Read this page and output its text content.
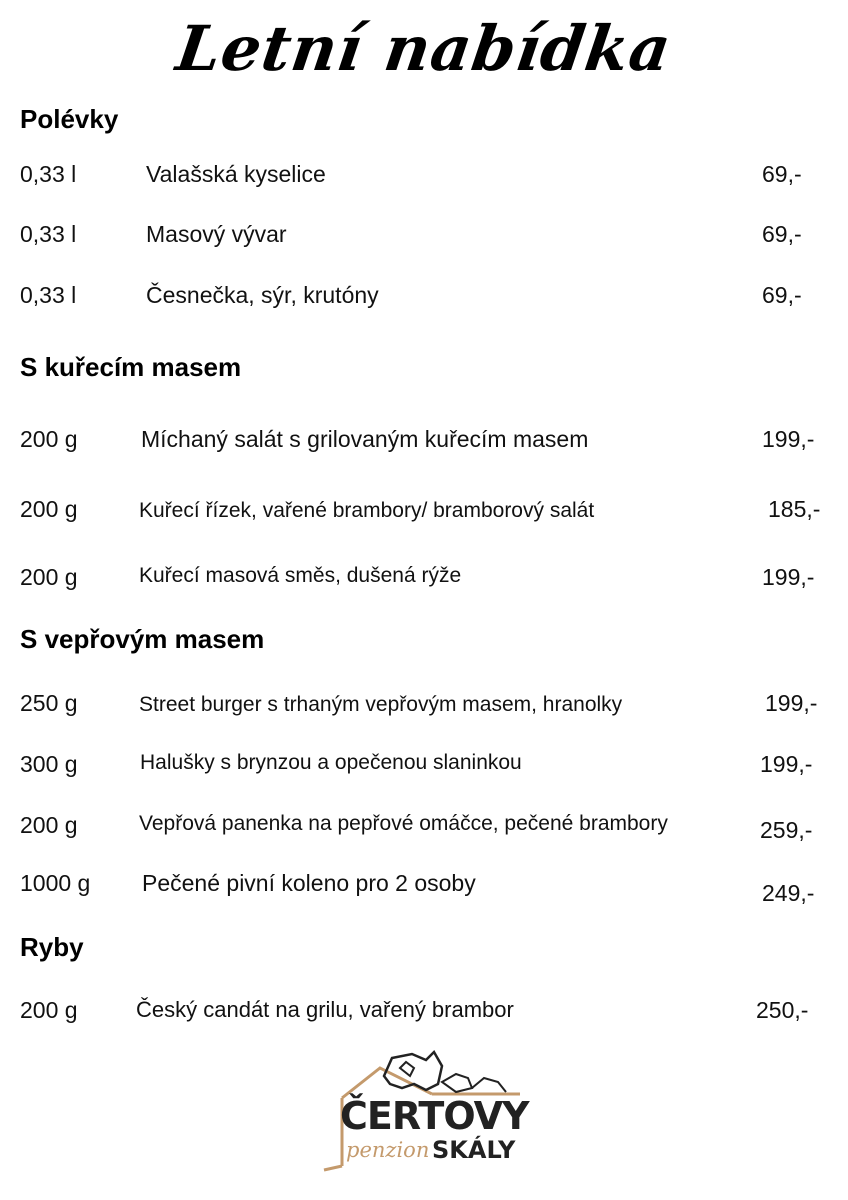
Letní nabídka
Polévky
0,33 l	Valašská kyselice	69,-
0,33 l	Masový vývar	69,-
0,33 l	Česnečka, sýr, krutóny	69,-
S kuřecím masem
200 g	Míchaný salát s grilovaným kuřecím masem	199,-
200 g	Kuřecí řízek, vařené brambory/ bramborový salát	185,-
200 g	Kuřecí masová směs, dušená rýže	199,-
S vepřovým masem
250 g	Street burger s trhaným vepřovým masem, hranolky	199,-
300 g	Halušky s brynzou a opečenou slaninkou	199,-
200 g	Vepřová panenka na pepřové omáčce, pečené brambory	259,-
1000 g Pečené pivní koleno pro 2 osoby	249,-
Ryby
200 g	Český candát na grilu, vařený brambor	250,-
ČERTOVY
penzion SKÁLY
